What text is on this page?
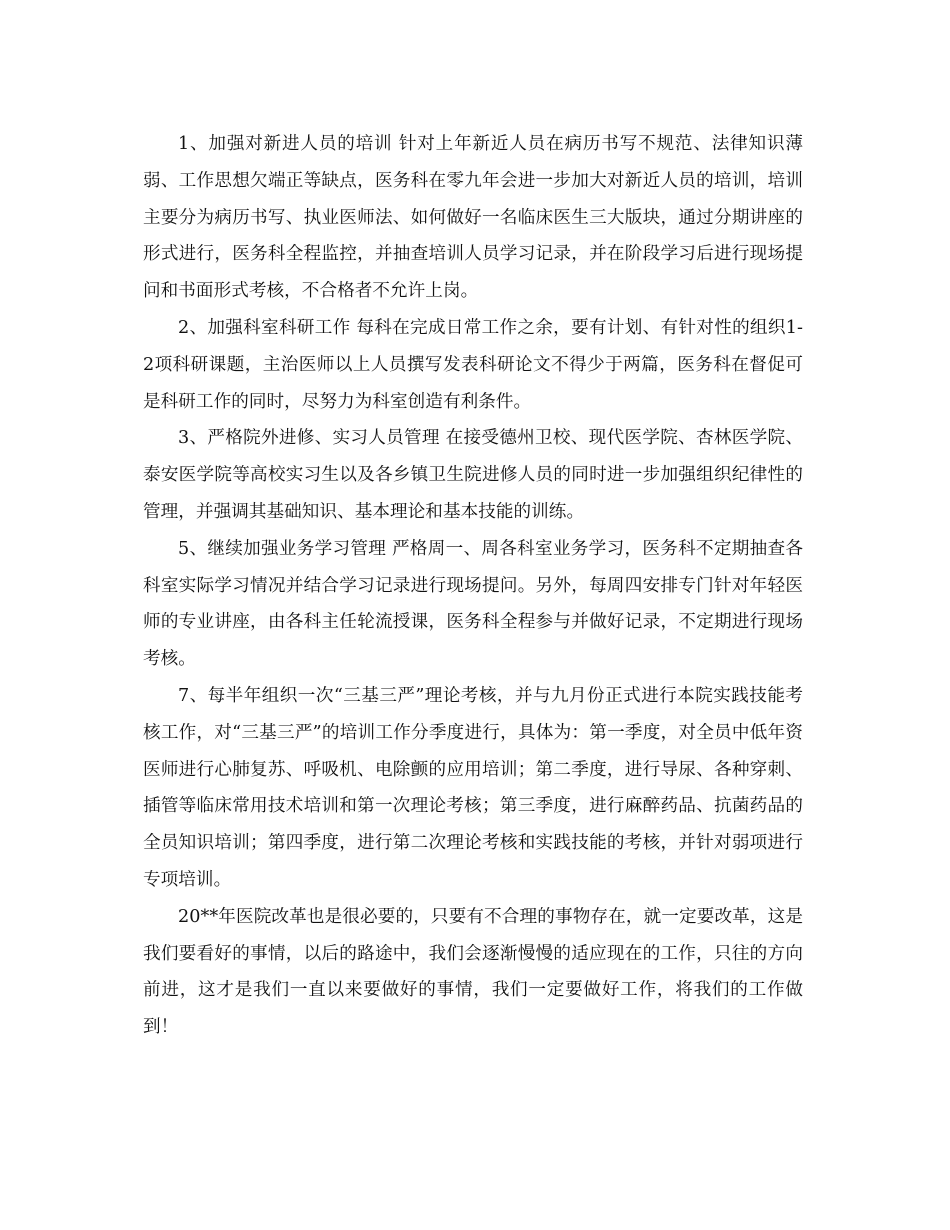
1、加强对新进人员的培训 针对上年新近人员在病历书写不规范、法律知识薄弱、工作思想欠端正等缺点，医务科在零九年会进一步加大对新近人员的培训，培训主要分为病历书写、执业医师法、如何做好一名临床医生三大版块，通过分期讲座的形式进行，医务科全程监控，并抽查培训人员学习记录，并在阶段学习后进行现场提问和书面形式考核，不合格者不允许上岗。

2、加强科室科研工作 每科在完成日常工作之余，要有计划、有针对性的组织1-2项科研课题，主治医师以上人员撰写发表科研论文不得少于两篇，医务科在督促可是科研工作的同时，尽努力为科室创造有利条件。

3、严格院外进修、实习人员管理 在接受德州卫校、现代医学院、杏林医学院、泰安医学院等高校实习生以及各乡镇卫生院进修人员的同时进一步加强组织纪律性的管理，并强调其基础知识、基本理论和基本技能的训练。

5、继续加强业务学习管理 严格周一、周各科室业务学习，医务科不定期抽查各科室实际学习情况并结合学习记录进行现场提问。另外，每周四安排专门针对年轻医师的专业讲座，由各科主任轮流授课，医务科全程参与并做好记录，不定期进行现场考核。

7、每半年组织一次“三基三严”理论考核，并与九月份正式进行本院实践技能考核工作，对“三基三严”的培训工作分季度进行，具体为：第一季度，对全员中低年资医师进行心肺复苏、呼吸机、电除颤的应用培训；第二季度，进行导尿、各种穿刺、插管等临床常用技术培训和第一次理论考核；第三季度，进行麻醉药品、抗菌药品的全员知识培训；第四季度，进行第二次理论考核和实践技能的考核，并针对弱项进行专项培训。

20**年医院改革也是很必要的，只要有不合理的事物存在，就一定要改革，这是我们要看好的事情，以后的路途中，我们会逐渐慢慢的适应现在的工作，只往的方向前进，这才是我们一直以来要做好的事情，我们一定要做好工作，将我们的工作做到！
